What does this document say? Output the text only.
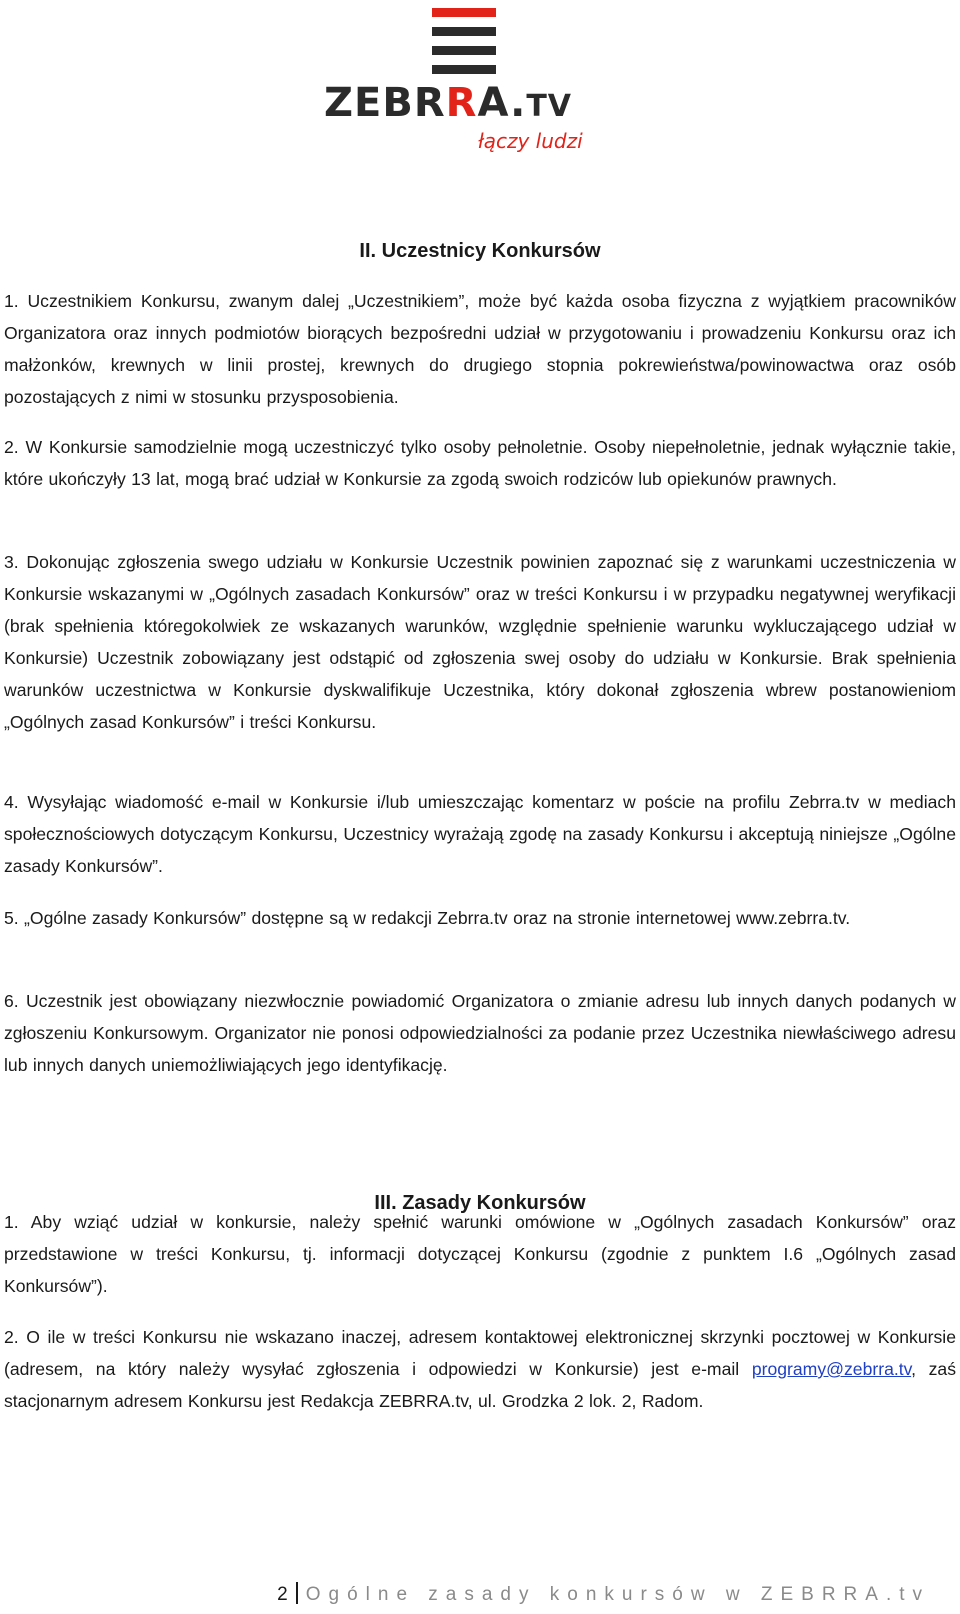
ZEBRRA.TV
łączy ludzi
II. Uczestnicy Konkursów

1. Uczestnikiem Konkursu, zwanym dalej „Uczestnikiem”, może być każda osoba fizyczna z wyjątkiem pracowników Organizatora oraz innych podmiotów biorących bezpośredni udział w przygotowaniu i prowadzeniu Konkursu oraz ich małżonków, krewnych w linii prostej, krewnych do drugiego stopnia pokrewieństwa/powinowactwa oraz osób pozostających z nimi w stosunku przysposobienia.

2. W Konkursie samodzielnie mogą uczestniczyć tylko osoby pełnoletnie. Osoby niepełnoletnie, jednak wyłącznie takie, które ukończyły 13 lat, mogą brać udział w Konkursie za zgodą swoich rodziców lub opiekunów prawnych.

3. Dokonując zgłoszenia swego udziału w Konkursie Uczestnik powinien zapoznać się z warunkami uczestniczenia w Konkursie wskazanymi w „Ogólnych zasadach Konkursów” oraz w treści Konkursu i w przypadku negatywnej weryfikacji (brak spełnienia któregokolwiek ze wskazanych warunków, względnie spełnienie warunku wykluczającego udział w Konkursie) Uczestnik zobowiązany jest odstąpić od zgłoszenia swej osoby do udziału w Konkursie. Brak spełnienia warunków uczestnictwa w Konkursie dyskwalifikuje Uczestnika, który dokonał zgłoszenia wbrew postanowieniom „Ogólnych zasad Konkursów” i treści Konkursu.

4. Wysyłając wiadomość e-mail w Konkursie i/lub umieszczając komentarz w poście na profilu Zebrra.tv w mediach społecznościowych dotyczącym Konkursu, Uczestnicy wyrażają zgodę na zasady Konkursu i akceptują niniejsze „Ogólne zasady Konkursów”.

5. „Ogólne zasady Konkursów” dostępne są w redakcji Zebrra.tv oraz na stronie internetowej www.zebrra.tv.

6. Uczestnik jest obowiązany niezwłocznie powiadomić Organizatora o zmianie adresu lub innych danych podanych w zgłoszeniu Konkursowym. Organizator nie ponosi odpowiedzialności za podanie przez Uczestnika niewłaściwego adresu lub innych danych uniemożliwiających jego identyfikację.

III. Zasady Konkursów

1. Aby wziąć udział w konkursie, należy spełnić warunki omówione w „Ogólnych zasadach Konkursów” oraz przedstawione w treści Konkursu, tj. informacji dotyczącej Konkursu (zgodnie z punktem I.6 „Ogólnych zasad Konkursów”).

2. O ile w treści Konkursu nie wskazano inaczej, adresem kontaktowej elektronicznej skrzynki pocztowej w Konkursie (adresem, na który należy wysyłać zgłoszenia i odpowiedzi w Konkursie) jest e-mail programy@zebrra.tv, zaś stacjonarnym adresem Konkursu jest Redakcja ZEBRRA.tv, ul. Grodzka 2 lok. 2, Radom.

2 Ogólne zasady konkursów w ZEBRRA.tv
